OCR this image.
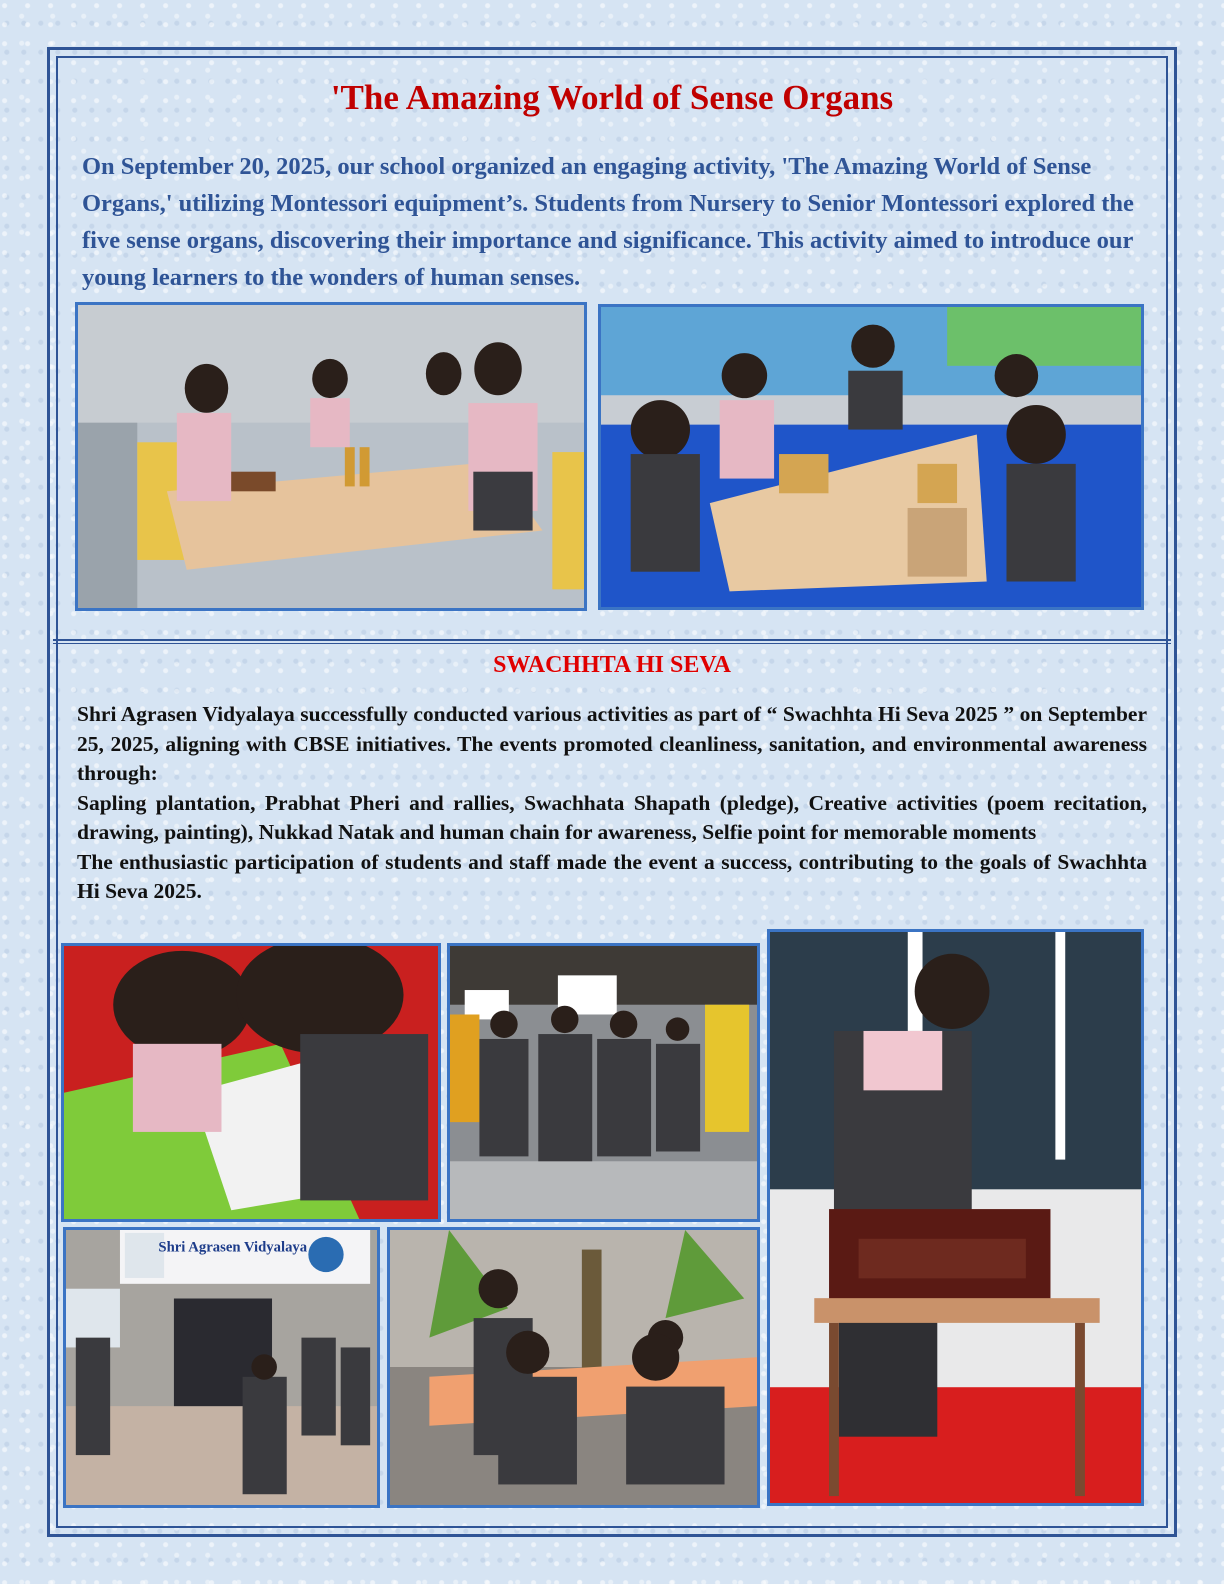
'The Amazing World of Sense Organs

On September 20, 2025, our school organized an engaging activity, 'The Amazing World of Sense Organs,' utilizing Montessori equipment’s. Students from Nursery to Senior Montessori explored the five sense organs, discovering their importance and significance. This activity aimed to introduce our young learners to the wonders of human senses.

SWACHHTA HI SEVA

Shri Agrasen Vidyalaya successfully conducted various activities as part of “ Swachhta Hi Seva 2025 ” on September 25, 2025, aligning with CBSE initiatives. The events promoted cleanliness, sanitation, and environmental awareness through:

Sapling plantation, Prabhat Pheri and rallies, Swachhata Shapath (pledge), Creative activities (poem recitation, drawing, painting), Nukkad Natak and human chain for awareness, Selfie point for memorable moments

The enthusiastic participation of students and staff made the event a success, contributing to the goals of Swachhta Hi Seva 2025.

Shri Agrasen Vidyalaya
